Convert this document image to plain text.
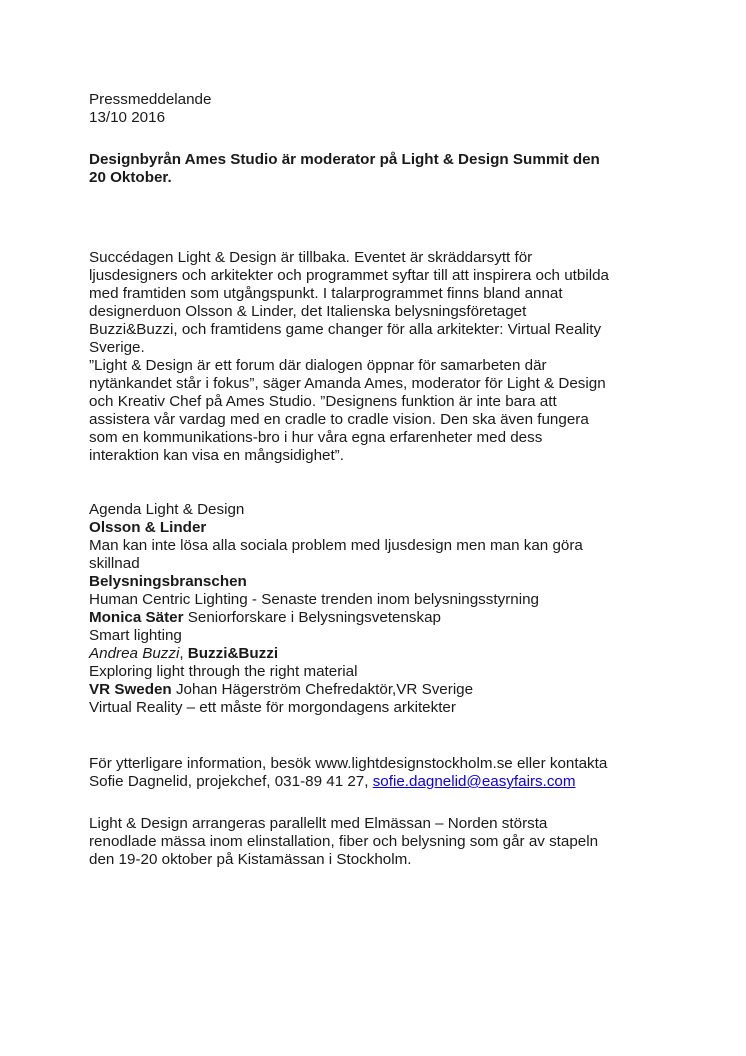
Pressmeddelande
13/10 2016
Designbyrån Ames Studio är moderator på Light & Design Summit den
20 Oktober.
Succédagen Light & Design är tillbaka. Eventet är skräddarsytt för
ljusdesigners och arkitekter och programmet syftar till att inspirera och utbilda
med framtiden som utgångspunkt. I talarprogrammet finns bland annat
designerduon Olsson & Linder, det Italienska belysningsföretaget
Buzzi&Buzzi, och framtidens game changer för alla arkitekter: Virtual Reality
Sverige.
”Light & Design är ett forum där dialogen öppnar för samarbeten där
nytänkandet står i fokus”, säger Amanda Ames, moderator för Light & Design
och Kreativ Chef på Ames Studio. ”Designens funktion är inte bara att
assistera vår vardag med en cradle to cradle vision. Den ska även fungera
som en kommunikations-bro i hur våra egna erfarenheter med dess
interaktion kan visa en mångsidighet”.
Agenda Light & Design
Olsson & Linder
Man kan inte lösa alla sociala problem med ljusdesign men man kan göra
skillnad
Belysningsbranschen
Human Centric Lighting - Senaste trenden inom belysningsstyrning
Monica Säter Seniorforskare i Belysningsvetenskap
Smart lighting
Andrea Buzzi, Buzzi&Buzzi
Exploring light through the right material
VR Sweden Johan Hägerström Chefredaktör,VR Sverige
Virtual Reality – ett måste för morgondagens arkitekter
För ytterligare information, besök www.lightdesignstockholm.se eller kontakta
Sofie Dagnelid, projekchef, 031-89 41 27, sofie.dagnelid@easyfairs.com
Light & Design arrangeras parallellt med Elmässan – Norden största
renodlade mässa inom elinstallation, fiber och belysning som går av stapeln
den 19-20 oktober på Kistamässan i Stockholm.
